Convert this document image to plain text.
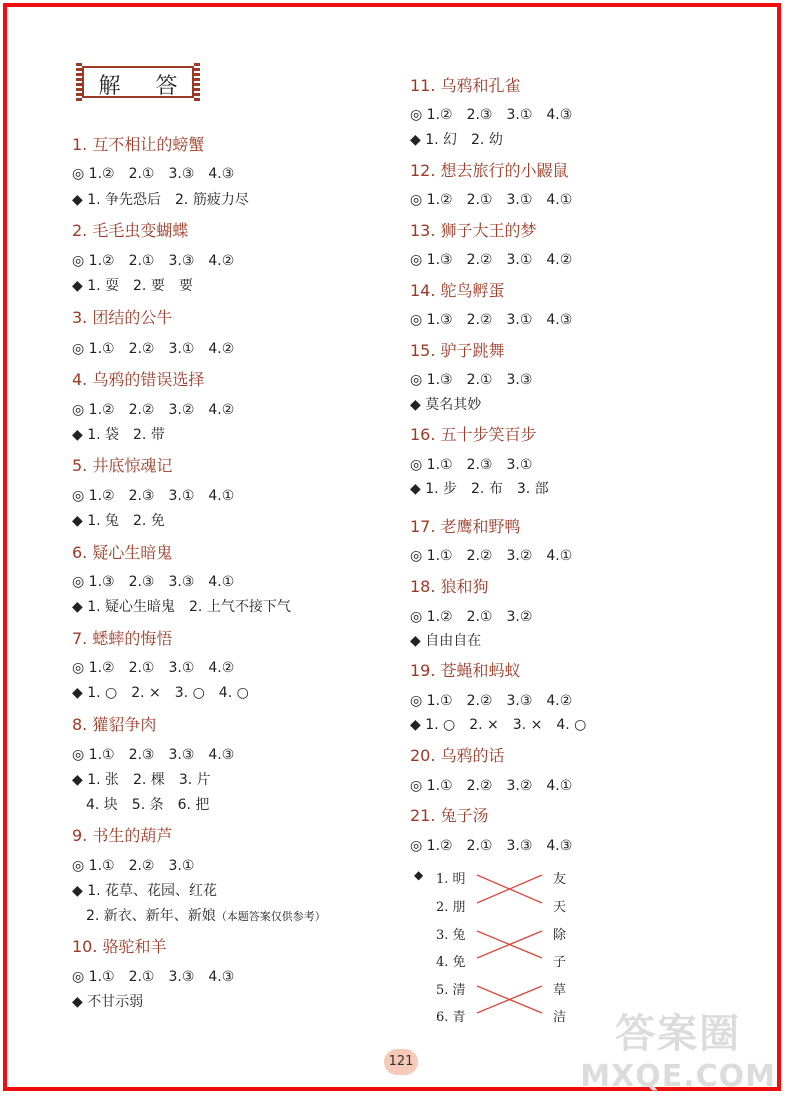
解 答
1. 互不相让的螃蟹
◎ 1.②　2.①　3.③　4.③
◆ 1. 争先恐后　2. 筋疲力尽
2. 毛毛虫变蝴蝶
◎ 1.②　2.①　3.③　4.②
◆ 1. 耍　2. 要　要
3. 团结的公牛
◎ 1.①　2.②　3.①　4.②
4. 乌鸦的错误选择
◎ 1.②　2.②　3.②　4.②
◆ 1. 袋　2. 带
5. 井底惊魂记
◎ 1.②　2.③　3.①　4.①
◆ 1. 兔　2. 免
6. 疑心生暗鬼
◎ 1.③　2.③　3.③　4.①
◆ 1. 疑心生暗鬼　2. 上气不接下气
7. 蟋蟀的悔悟
◎ 1.②　2.①　3.①　4.②
◆ 1. ○　2. ×　3. ○　4. ○
8. 獾貂争肉
◎ 1.①　2.③　3.③　4.③
◆ 1. 张　2. 棵　3. 片
　4. 块　5. 条　6. 把
9. 书生的葫芦
◎ 1.①　2.②　3.①
◆ 1. 花草、花园、红花
　2. 新衣、新年、新娘（本题答案仅供参考）
10. 骆驼和羊
◎ 1.①　2.①　3.③　4.③
◆ 不甘示弱
11. 乌鸦和孔雀
◎ 1.②　2.③　3.①　4.③
◆ 1. 幻　2. 幼
12. 想去旅行的小鼹鼠
◎ 1.②　2.①　3.①　4.①
13. 狮子大王的梦
◎ 1.③　2.②　3.①　4.②
14. 鸵鸟孵蛋
◎ 1.③　2.②　3.①　4.③
15. 驴子跳舞
◎ 1.③　2.①　3.③
◆ 莫名其妙
16. 五十步笑百步
◎ 1.①　2.③　3.①
◆ 1. 步　2. 布　3. 部
17. 老鹰和野鸭
◎ 1.①　2.②　3.②　4.①
18. 狼和狗
◎ 1.②　2.①　3.②
◆ 自由自在
19. 苍蝇和蚂蚁
◎ 1.①　2.②　3.③　4.②
◆ 1. ○　2. ×　3. ×　4. ○
20. 乌鸦的话
◎ 1.①　2.②　3.②　4.①
21. 兔子汤
◎ 1.②　2.①　3.③　4.③
◆ 1. 明
2. 朋
3. 兔
4. 免
5. 清
6. 青
友
天
除
子
草
洁
121
答案圈
MXQE.COM
